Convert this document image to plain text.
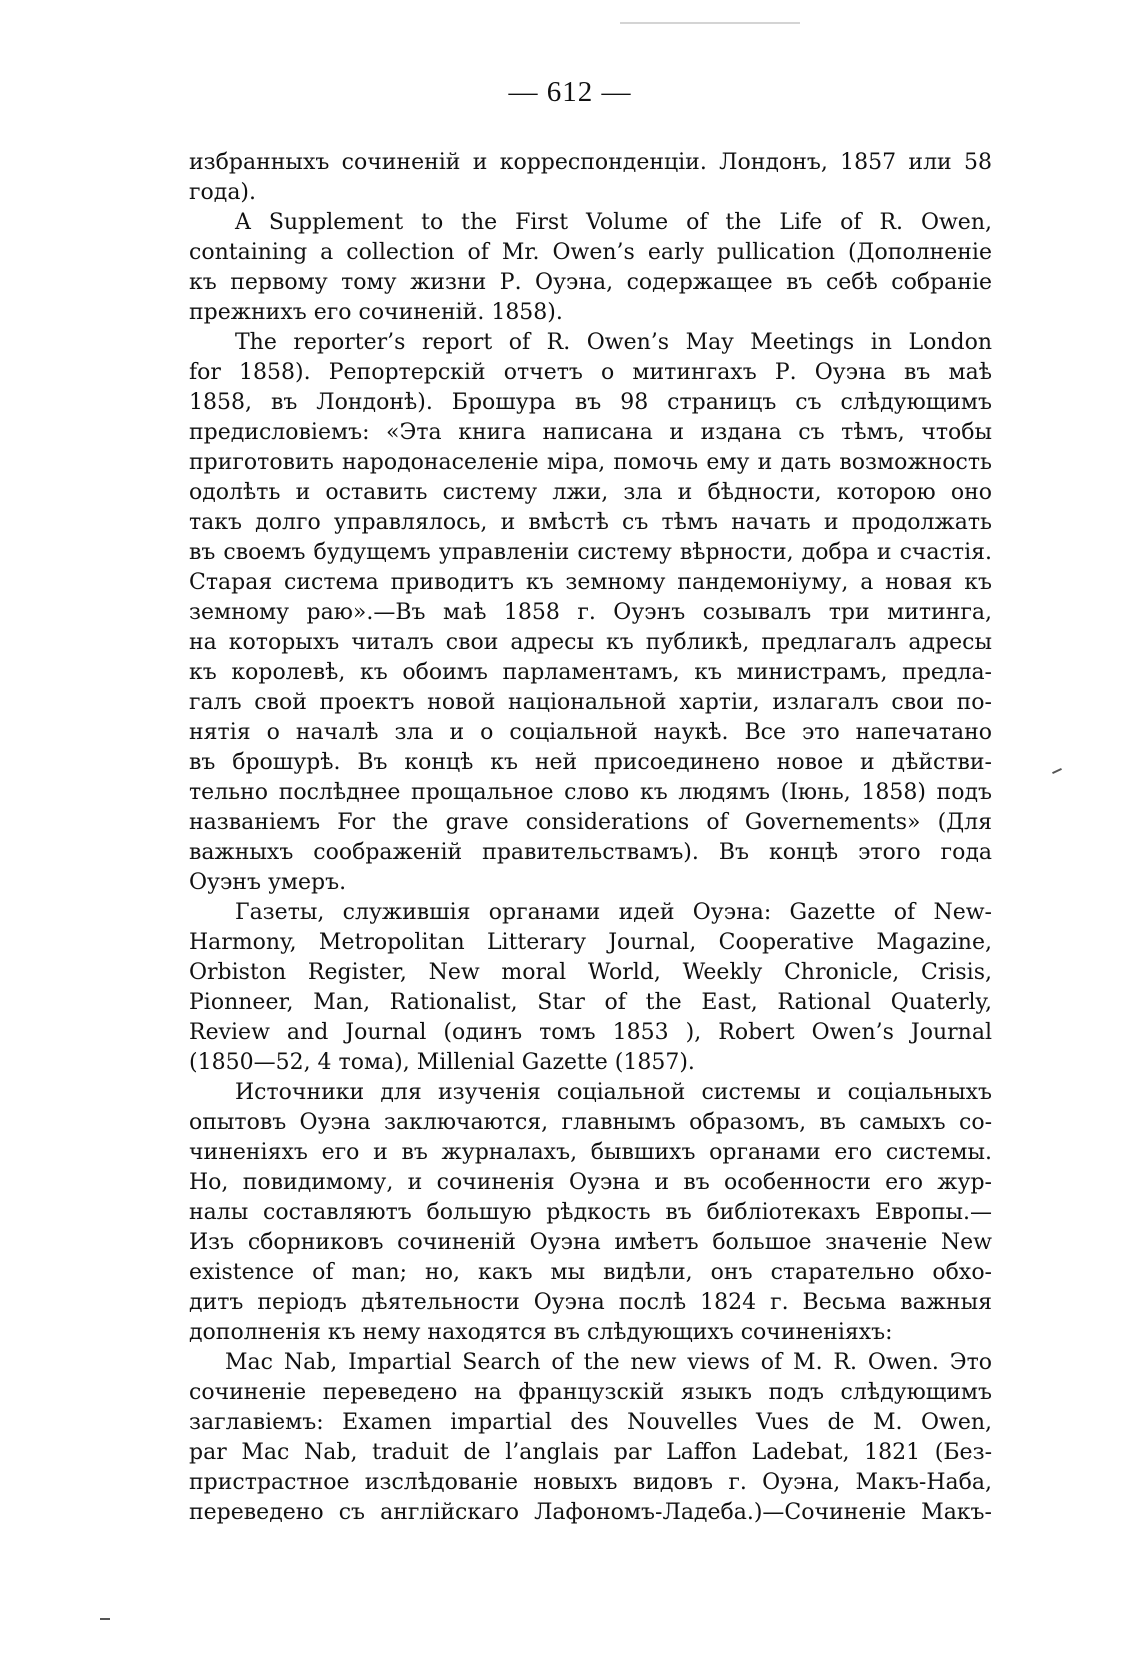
— 612 —
избранныхъ сочиненій и корреспонденціи. Лондонъ, 1857 или 58
года).
A Supplement to the First Volume of the Life of R. Owen,
containing a collection of Mr. Owen’s early pullication (Дополненіе
къ первому тому жизни Р. Оуэна, содержащее въ себѣ собраніе
прежнихъ его сочиненій. 1858).
The reporter’s report of R. Owen’s May Meetings in London
for 1858). Репортерскій отчетъ о митингахъ Р. Оуэна въ маѣ
1858, въ Лондонѣ). Брошура въ 98 страницъ съ слѣдующимъ
предисловіемъ: «Эта книга написана и издана съ тѣмъ, чтобы
приготовить народонаселеніе міра, помочь ему и дать возможность
одолѣть и оставить систему лжи, зла и бѣдности, которою оно
такъ долго управлялось, и вмѣстѣ съ тѣмъ начать и продолжать
въ своемъ будущемъ управленіи систему вѣрности, добра и счастія.
Старая система приводитъ къ земному пандемоніуму, а новая къ
земному раю».—Въ маѣ 1858 г. Оуэнъ созывалъ три митинга,
на которыхъ читалъ свои адресы къ публикѣ, предлагалъ адресы
къ королевѣ, къ обоимъ парламентамъ, къ министрамъ, предла-
галъ свой проектъ новой національной хартіи, излагалъ свои по-
нятія о началѣ зла и о соціальной наукѣ. Все это напечатано
въ брошурѣ. Въ концѣ къ ней присоединено новое и дѣйстви-
тельно послѣднее прощальное слово къ людямъ (Іюнь, 1858) подъ
названіемъ For the grave considerations of Governements» (Для
важныхъ соображеній правительствамъ). Въ концѣ этого года
Оуэнъ умеръ.
Газеты, служившія органами идей Оуэна: Gazette of New-
Harmony, Metropolitan Litterary Journal, Cooperative Magazine,
Orbiston Register, New moral World, Weekly Chronicle, Crisis,
Pionneer, Man, Rationalist, Star of the East, Rational Quaterly,
Review and Journal (одинъ томъ 1853 ), Robert Owen’s Journal
(1850—52, 4 тома), Millenial Gazette (1857).
Источники для изученія соціальной системы и соціальныхъ
опытовъ Оуэна заключаются, главнымъ образомъ, въ самыхъ со-
чиненіяхъ его и въ журналахъ, бывшихъ органами его системы.
Но, повидимому, и сочиненія Оуэна и въ особенности его жур-
налы составляютъ большую рѣдкость въ библіотекахъ Европы.—
Изъ сборниковъ сочиненій Оуэна имѣетъ большое значеніе New
existence of man; но, какъ мы видѣли, онъ старательно обхо-
дитъ періодъ дѣятельности Оуэна послѣ 1824 г. Весьма важныя
дополненія къ нему находятся въ слѣдующихъ сочиненіяхъ:
Mac Nab, Impartial Search of the new views of M. R. Owen. Это
сочиненіе переведено на французскій языкъ подъ слѣдующимъ
заглавіемъ: Examen impartial des Nouvelles Vues de M. Owen,
par Mac Nab, traduit de l’anglais par Laffon Ladebat, 1821 (Без-
пристрастное изслѣдованіе новыхъ видовъ г. Оуэна, Макъ-Наба,
переведено съ англійскаго Лафономъ-Ладеба.)—Сочиненіе Макъ-
